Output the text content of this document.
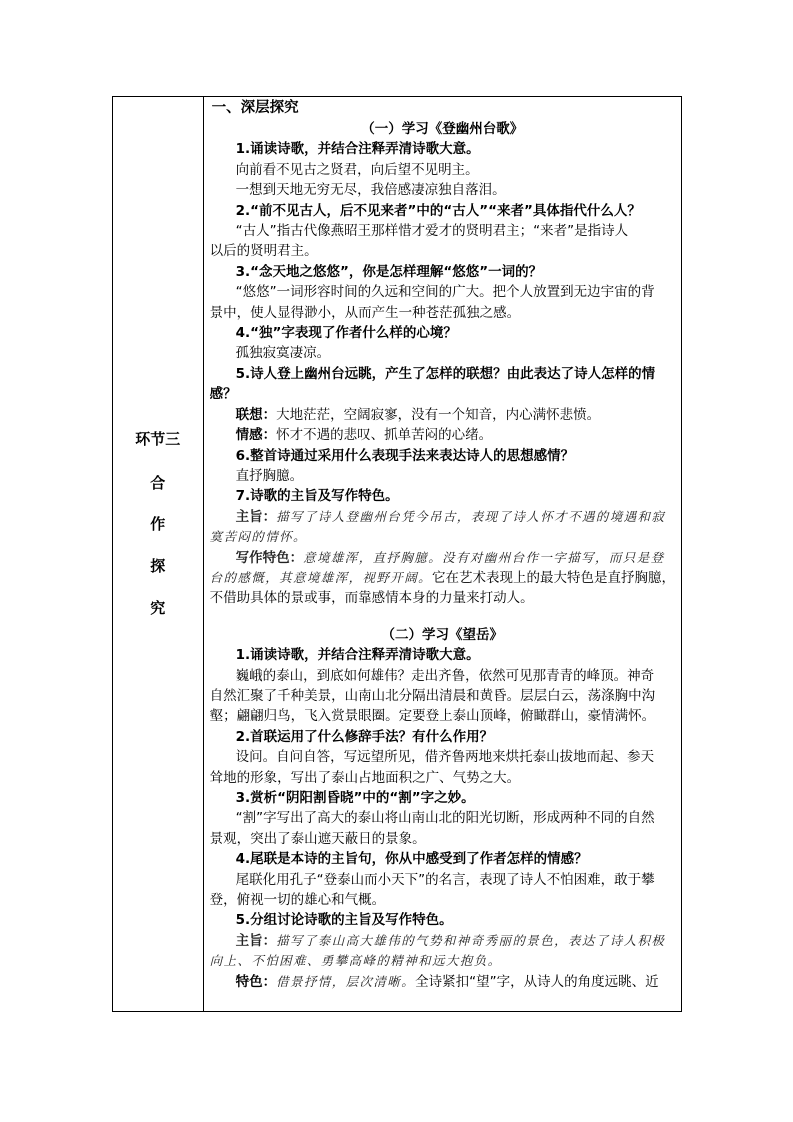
环节三
合
作
探
究
一、深层探究
（一）学习《登幽州台歌》
1.诵读诗歌，并结合注释弄清诗歌大意。
向前看不见古之贤君，向后望不见明主。
一想到天地无穷无尽，我倍感凄凉独自落泪。
2.“前不见古人，后不见来者”中的“古人”“来者”具体指代什么人？
“古人”指古代像燕昭王那样惜才爱才的贤明君主；“来者”是指诗人
以后的贤明君主。
3.“念天地之悠悠”，你是怎样理解“悠悠”一词的？
“悠悠”一词形容时间的久远和空间的广大。把个人放置到无边宇宙的背
景中，使人显得渺小，从而产生一种苍茫孤独之感。
4.“独”字表现了作者什么样的心境？
孤独寂寞凄凉。
5.诗人登上幽州台远眺，产生了怎样的联想？由此表达了诗人怎样的情
感？
联想：大地茫茫，空阔寂寥，没有一个知音，内心满怀悲愤。
情感：怀才不遇的悲叹、抓单苦闷的心绪。
6.整首诗通过采用什么表现手法来表达诗人的思想感情？
直抒胸臆。
7.诗歌的主旨及写作特色。
主旨：描写了诗人登幽州台凭今吊古，表现了诗人怀才不遇的境遇和寂
寞苦闷的情怀。
写作特色：意境雄浑，直抒胸臆。没有对幽州台作一字描写，而只是登
台的感慨，其意境雄浑，视野开阔。它在艺术表现上的最大特色是直抒胸臆，
不借助具体的景或事，而靠感情本身的力量来打动人。
（二）学习《望岳》
1.诵读诗歌，并结合注释弄清诗歌大意。
巍峨的泰山，到底如何雄伟？走出齐鲁，依然可见那青青的峰顶。神奇
自然汇聚了千种美景，山南山北分隔出清晨和黄昏。层层白云，荡涤胸中沟
壑；翩翩归鸟，飞入赏景眼圈。定要登上泰山顶峰，俯瞰群山，豪情满怀。
2.首联运用了什么修辞手法？有什么作用？
设问。自问自答，写远望所见，借齐鲁两地来烘托泰山拔地而起、参天
耸地的形象，写出了泰山占地面积之广、气势之大。
3.赏析“阴阳割昏晓”中的“割”字之妙。
“割”字写出了高大的泰山将山南山北的阳光切断，形成两种不同的自然
景观，突出了泰山遮天蔽日的景象。
4.尾联是本诗的主旨句，你从中感受到了作者怎样的情感？
尾联化用孔子“登泰山而小天下”的名言，表现了诗人不怕困难，敢于攀
登，俯视一切的雄心和气概。
5.分组讨论诗歌的主旨及写作特色。
主旨：描写了泰山高大雄伟的气势和神奇秀丽的景色，表达了诗人积极
向上、不怕困难、勇攀高峰的精神和远大抱负。
特色：借景抒情，层次清晰。全诗紧扣“望”字，从诗人的角度远眺、近
